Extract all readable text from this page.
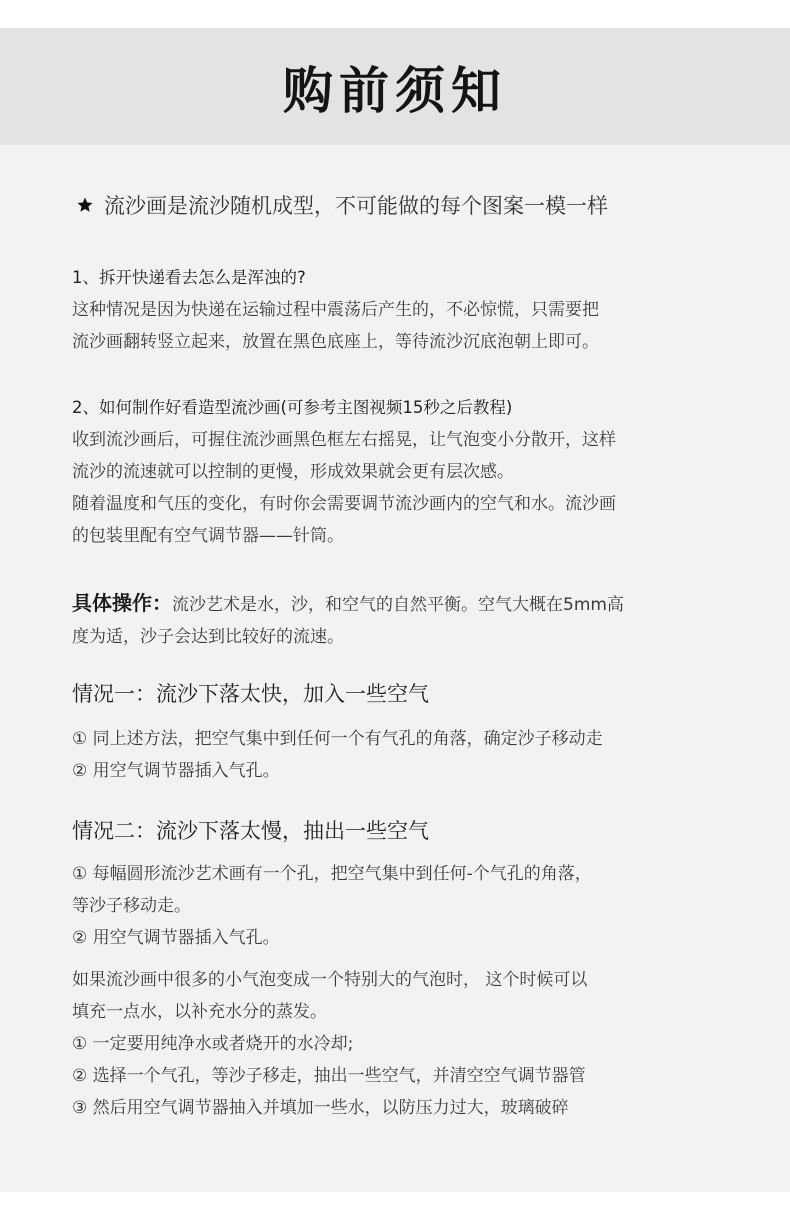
购前须知
流沙画是流沙随机成型，不可能做的每个图案一模一样

1、拆开快递看去怎么是浑浊的?

这种情况是因为快递在运输过程中震荡后产生的，不必惊慌，只需要把

流沙画翻转竖立起来，放置在黑色底座上，等待流沙沉底泡朝上即可。

2、如何制作好看造型流沙画(可参考主图视频15秒之后教程)

收到流沙画后，可握住流沙画黑色框左右摇晃，让气泡变小分散开，这样

流沙的流速就可以控制的更慢，形成效果就会更有层次感。

随着温度和气压的变化，有时你会需要调节流沙画内的空气和水。流沙画

的包装里配有空气调节器——针筒。

具体操作：流沙艺术是水，沙，和空气的自然平衡。空气大概在5mm高

度为适，沙子会达到比较好的流速。

情况一：流沙下落太快，加入一些空气

① 同上述方法，把空气集中到任何一个有气孔的角落，确定沙子移动走

② 用空气调节器插入气孔。

情况二：流沙下落太慢，抽出一些空气

① 每幅圆形流沙艺术画有一个孔，把空气集中到任何-个气孔的角落，

等沙子移动走。

② 用空气调节器插入气孔。

如果流沙画中很多的小气泡变成一个特别大的气泡时， 这个时候可以

填充一点水，以补充水分的蒸发。

① 一定要用纯净水或者烧开的水冷却;

② 选择一个气孔，等沙子移走，抽出一些空气，并清空空气调节器管

③ 然后用空气调节器抽入并填加一些水，以防压力过大，玻璃破碎
